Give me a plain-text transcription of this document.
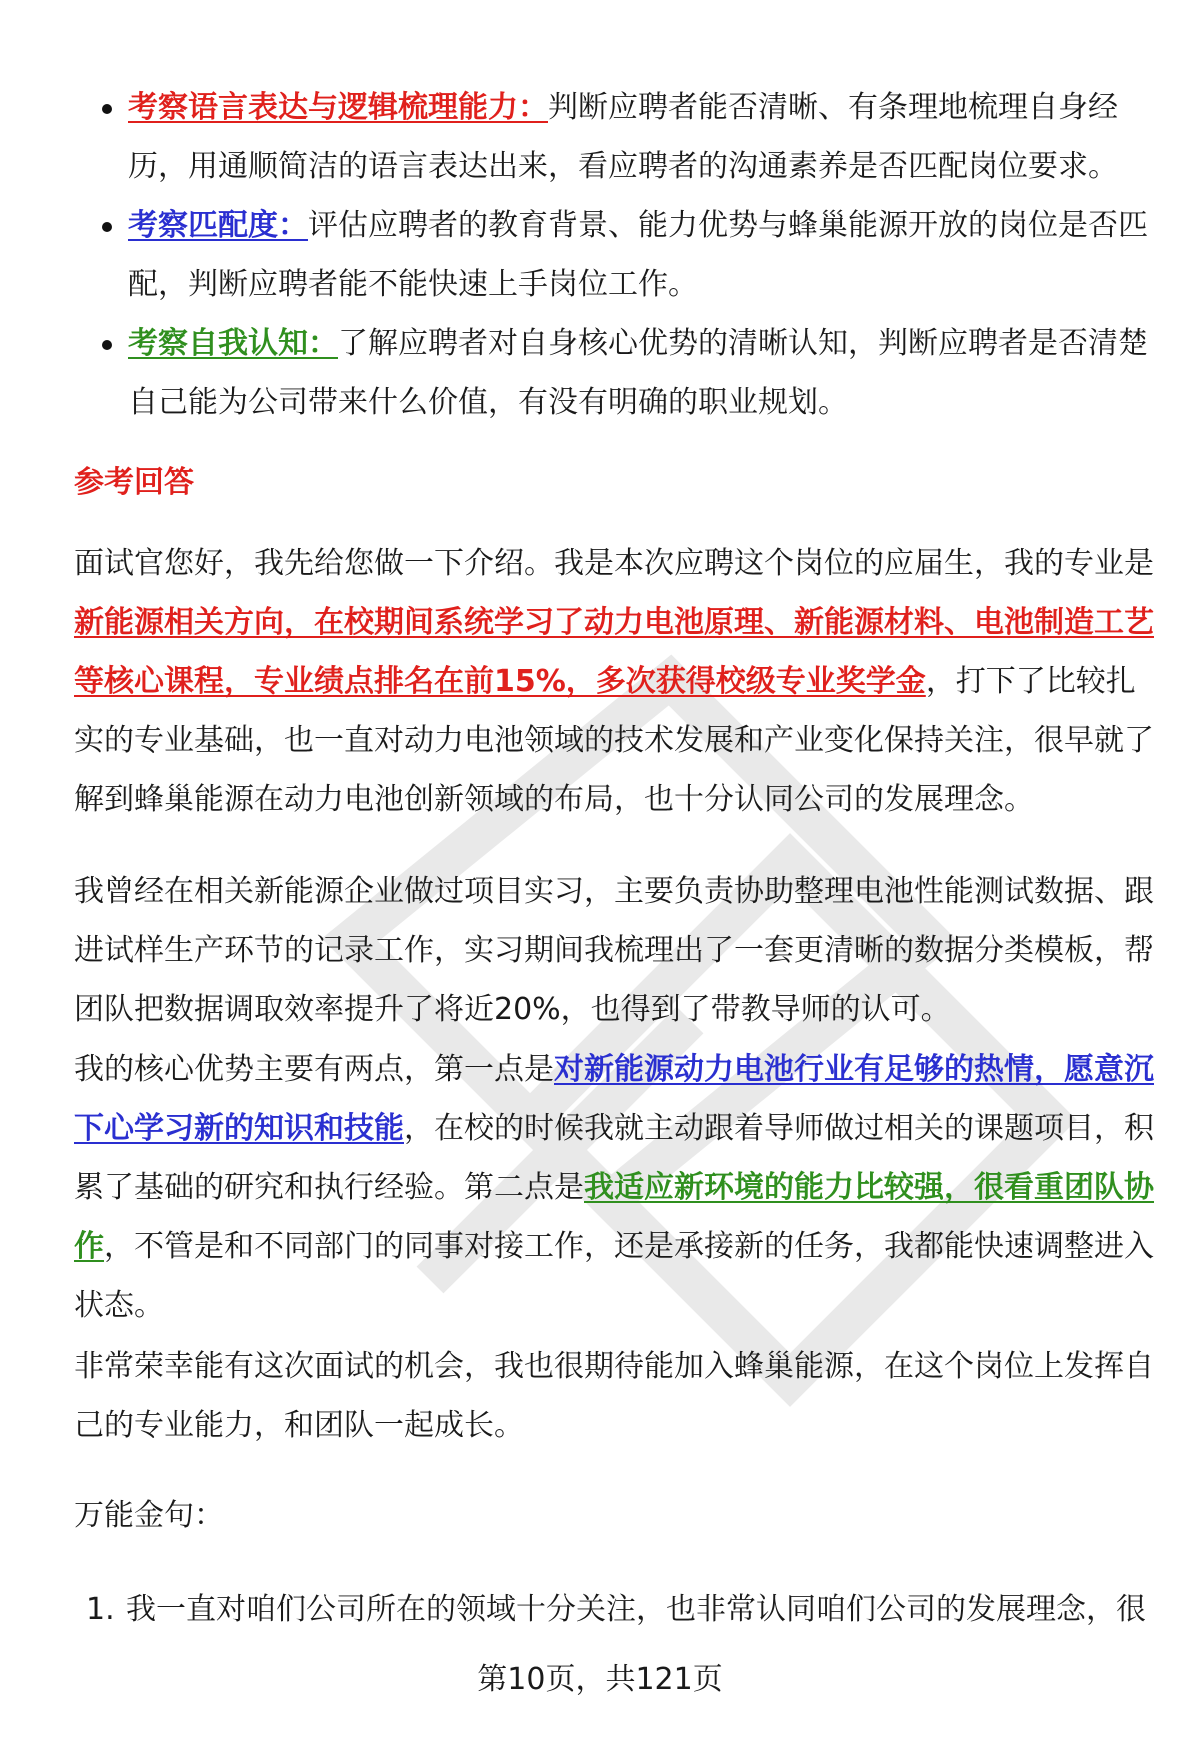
考察语言表达与逻辑梳理能力：判断应聘者能否清晰、有条理地梳理自身经历，用通顺简洁的语言表达出来，看应聘者的沟通素养是否匹配岗位要求。
考察匹配度：评估应聘者的教育背景、能力优势与蜂巢能源开放的岗位是否匹配，判断应聘者能不能快速上手岗位工作。
考察自我认知：了解应聘者对自身核心优势的清晰认知，判断应聘者是否清楚自己能为公司带来什么价值，有没有明确的职业规划。
参考回答

面试官您好，我先给您做一下介绍。我是本次应聘这个岗位的应届生，我的专业是新能源相关方向，在校期间系统学习了动力电池原理、新能源材料、电池制造工艺等核心课程，专业绩点排名在前15%，多次获得校级专业奖学金，打下了比较扎实的专业基础，也一直对动力电池领域的技术发展和产业变化保持关注，很早就了解到蜂巢能源在动力电池创新领域的布局，也十分认同公司的发展理念。

我曾经在相关新能源企业做过项目实习，主要负责协助整理电池性能测试数据、跟进试样生产环节的记录工作，实习期间我梳理出了一套更清晰的数据分类模板，帮团队把数据调取效率提升了将近20%，也得到了带教导师的认可。

我的核心优势主要有两点，第一点是对新能源动力电池行业有足够的热情，愿意沉下心学习新的知识和技能，在校的时候我就主动跟着导师做过相关的课题项目，积累了基础的研究和执行经验。第二点是我适应新环境的能力比较强，很看重团队协作，不管是和不同部门的同事对接工作，还是承接新的任务，我都能快速调整进入状态。

非常荣幸能有这次面试的机会，我也很期待能加入蜂巢能源，在这个岗位上发挥自己的专业能力，和团队一起成长。

万能金句：

1. 我一直对咱们公司所在的领域十分关注，也非常认同咱们公司的发展理念，很

第10页，共121页
